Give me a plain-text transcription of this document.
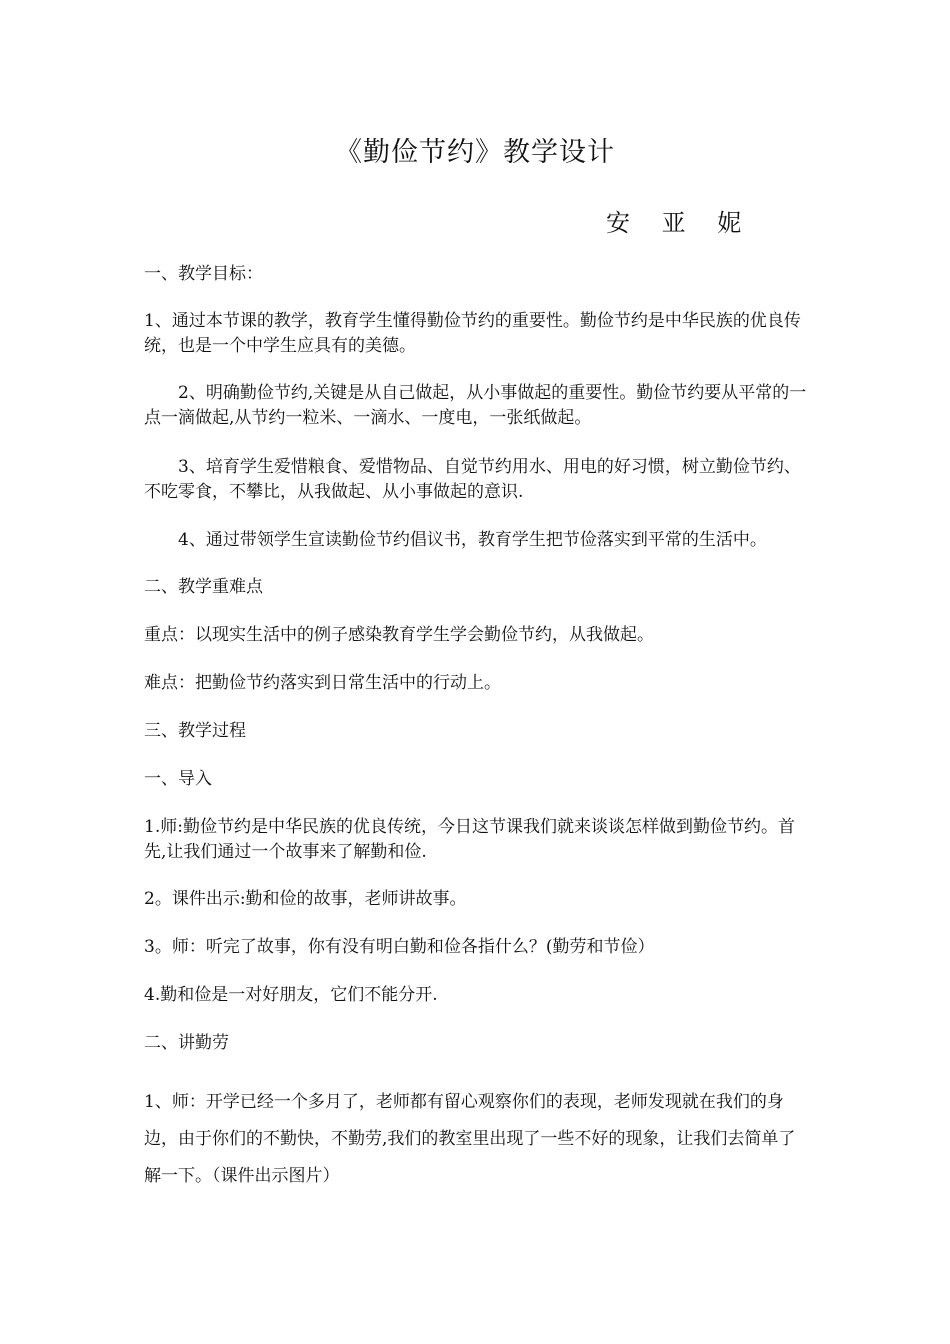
《勤俭节约》教学设计
安 亚 妮

一、教学目标：

1、通过本节课的教学，教育学生懂得勤俭节约的重要性。勤俭节约是中华民族的优良传统，也是一个中学生应具有的美德。

2、明确勤俭节约,关键是从自己做起，从小事做起的重要性。勤俭节约要从平常的一点一滴做起,从节约一粒米、一滴水、一度电，一张纸做起。

3、培育学生爱惜粮食、爱惜物品、自觉节约用水、用电的好习惯，树立勤俭节约、不吃零食，不攀比，从我做起、从小事做起的意识.

4、通过带领学生宣读勤俭节约倡议书，教育学生把节俭落实到平常的生活中。

二、教学重难点

重点：以现实生活中的例子感染教育学生学会勤俭节约，从我做起。

难点：把勤俭节约落实到日常生活中的行动上。

三、教学过程

一、导入

1.师:勤俭节约是中华民族的优良传统，今日这节课我们就来谈谈怎样做到勤俭节约。首先,让我们通过一个故事来了解勤和俭.

2。课件出示:勤和俭的故事，老师讲故事。

3。师：听完了故事，你有没有明白勤和俭各指什么？(勤劳和节俭）

4.勤和俭是一对好朋友，它们不能分开.

二、讲勤劳

1、师：开学已经一个多月了，老师都有留心观察你们的表现，老师发现就在我们的身边，由于你们的不勤快，不勤劳,我们的教室里出现了一些不好的现象，让我们去简单了解一下。（课件出示图片）
